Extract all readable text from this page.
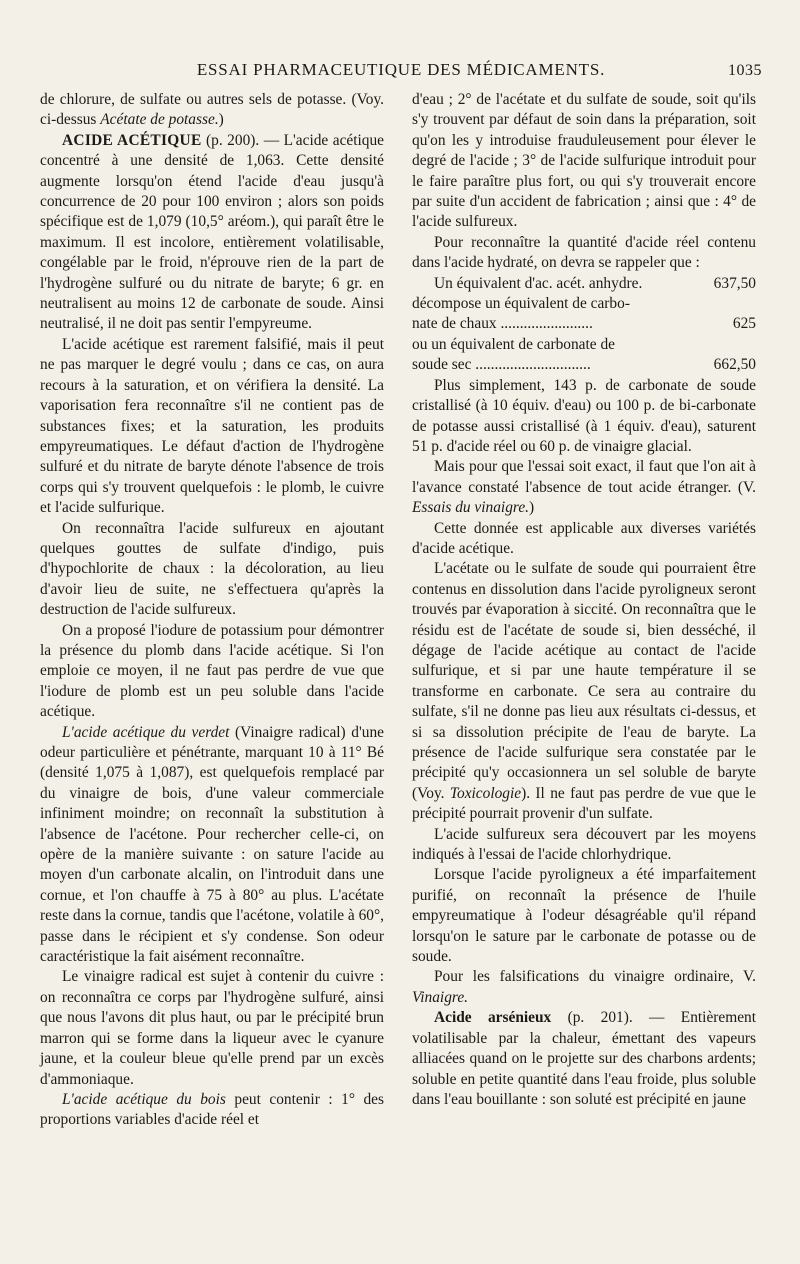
ESSAI PHARMACEUTIQUE DES MÉDICAMENTS.	1035

de chlorure, de sulfate ou autres sels de potasse. (Voy. ci-dessus Acétate de potasse.)

ACIDE ACÉTIQUE (p. 200). — L'acide acétique concentré à une densité de 1,063. Cette densité augmente lorsqu'on étend l'acide d'eau jusqu'à concurrence de 20 pour 100 environ ; alors son poids spécifique est de 1,079 (10,5° aréom.), qui paraît être le maximum. Il est incolore, entièrement volatilisable, congélable par le froid, n'éprouve rien de la part de l'hydrogène sulfuré ou du nitrate de baryte; 6 gr. en neutralisent au moins 12 de carbonate de soude. Ainsi neutralisé, il ne doit pas sentir l'empyreume.

L'acide acétique est rarement falsifié, mais il peut ne pas marquer le degré voulu ; dans ce cas, on aura recours à la saturation, et on vérifiera la densité. La vaporisation fera reconnaître s'il ne contient pas de substances fixes; et la saturation, les produits empyreumatiques. Le défaut d'action de l'hydrogène sulfuré et du nitrate de baryte dénote l'absence de trois corps qui s'y trouvent quelquefois : le plomb, le cuivre et l'acide sulfurique.

On reconnaîtra l'acide sulfureux en ajoutant quelques gouttes de sulfate d'indigo, puis d'hypochlorite de chaux : la décoloration, au lieu d'avoir lieu de suite, ne s'effectuera qu'après la destruction de l'acide sulfureux.

On a proposé l'iodure de potassium pour démontrer la présence du plomb dans l'acide acétique. Si l'on emploie ce moyen, il ne faut pas perdre de vue que l'iodure de plomb est un peu soluble dans l'acide acétique.

L'acide acétique du verdet (Vinaigre radical) d'une odeur particulière et pénétrante, marquant 10 à 11° Bé (densité 1,075 à 1,087), est quelquefois remplacé par du vinaigre de bois, d'une valeur commerciale infiniment moindre; on reconnaît la substitution à l'absence de l'acétone. Pour rechercher celle-ci, on opère de la manière suivante : on sature l'acide au moyen d'un carbonate alcalin, on l'introduit dans une cornue, et l'on chauffe à 75 à 80° au plus. L'acétate reste dans la cornue, tandis que l'acétone, volatile à 60°, passe dans le récipient et s'y condense. Son odeur caractéristique la fait aisément reconnaître.

Le vinaigre radical est sujet à contenir du cuivre : on reconnaîtra ce corps par l'hydrogène sulfuré, ainsi que nous l'avons dit plus haut, ou par le précipité brun marron qui se forme dans la liqueur avec le cyanure jaune, et la couleur bleue qu'elle prend par un excès d'ammoniaque.

L'acide acétique du bois peut contenir : 1° des proportions variables d'acide réel et

d'eau ; 2° de l'acétate et du sulfate de soude, soit qu'ils s'y trouvent par défaut de soin dans la préparation, soit qu'on les y introduise frauduleusement pour élever le degré de l'acide ; 3° de l'acide sulfurique introduit pour le faire paraître plus fort, ou qui s'y trouverait encore par suite d'un accident de fabrication ; ainsi que : 4° de l'acide sulfureux.

Pour reconnaître la quantité d'acide réel contenu dans l'acide hydraté, on devra se rappeler que :

Un équivalent d'ac. acét. anhydre.	637,50
décompose un équivalent de carbo-
nate de chaux ........................	625
ou un équivalent de carbonate de
soude sec ..............................	662,50

Plus simplement, 143 p. de carbonate de soude cristallisé (à 10 équiv. d'eau) ou 100 p. de bi-carbonate de potasse aussi cristallisé (à 1 équiv. d'eau), saturent 51 p. d'acide réel ou 60 p. de vinaigre glacial.

Mais pour que l'essai soit exact, il faut que l'on ait à l'avance constaté l'absence de tout acide étranger. (V. Essais du vinaigre.)

Cette donnée est applicable aux diverses variétés d'acide acétique.

L'acétate ou le sulfate de soude qui pourraient être contenus en dissolution dans l'acide pyroligneux seront trouvés par évaporation à siccité. On reconnaîtra que le résidu est de l'acétate de soude si, bien desséché, il dégage de l'acide acétique au contact de l'acide sulfurique, et si par une haute température il se transforme en carbonate. Ce sera au contraire du sulfate, s'il ne donne pas lieu aux résultats ci-dessus, et si sa dissolution précipite de l'eau de baryte. La présence de l'acide sulfurique sera constatée par le précipité qu'y occasionnera un sel soluble de baryte (Voy. Toxicologie). Il ne faut pas perdre de vue que le précipité pourrait provenir d'un sulfate.

L'acide sulfureux sera découvert par les moyens indiqués à l'essai de l'acide chlorhydrique.

Lorsque l'acide pyroligneux a été imparfaitement purifié, on reconnaît la présence de l'huile empyreumatique à l'odeur désagréable qu'il répand lorsqu'on le sature par le carbonate de potasse ou de soude.

Pour les falsifications du vinaigre ordinaire, V. Vinaigre.

Acide arsénieux (p. 201). — Entièrement volatilisable par la chaleur, émettant des vapeurs alliacées quand on le projette sur des charbons ardents; soluble en petite quantité dans l'eau froide, plus soluble dans l'eau bouillante : son soluté est précipité en jaune
